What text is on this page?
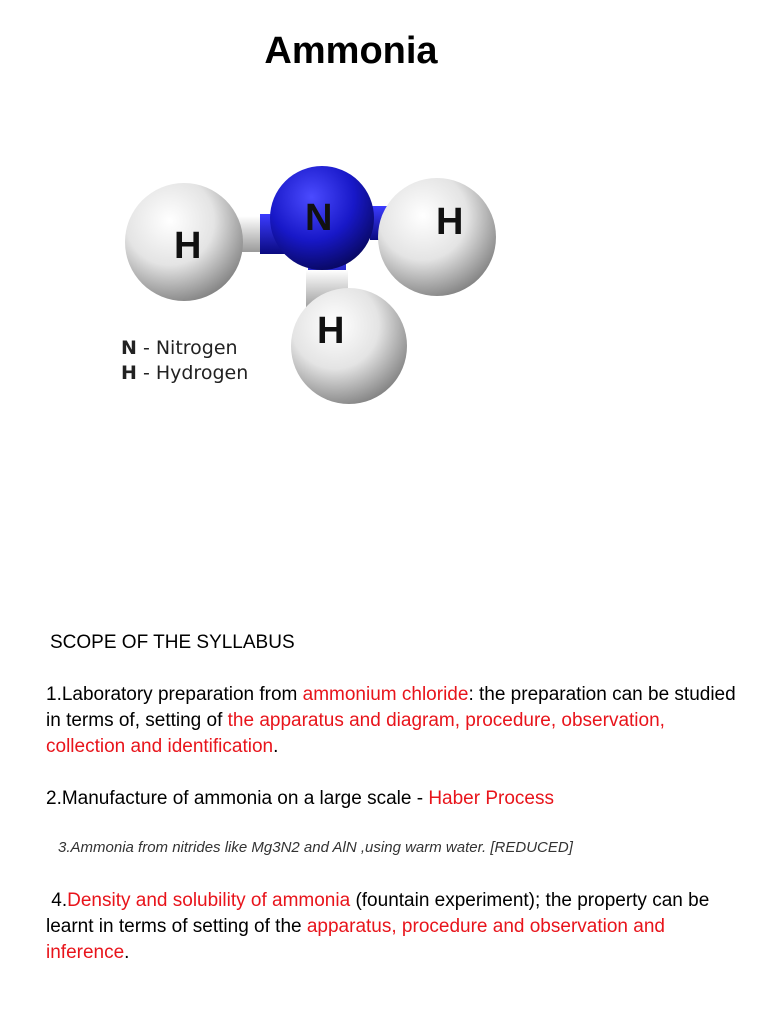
Ammonia
H
N	H
H
N - Nitrogen
H - Hydrogen
SCOPE OF THE SYLLABUS
1.Laboratory preparation from ammonium chloride: the preparation can be studied in terms of, setting of the apparatus and diagram, procedure, observation, collection and identification.
2.Manufacture of ammonia on a large scale - Haber Process
3.Ammonia from nitrides like Mg3N2 and AlN ,using warm water. [REDUCED]
4.Density and solubility of ammonia (fountain experiment); the property can be learnt in terms of setting of the apparatus, procedure and observation and inference.
